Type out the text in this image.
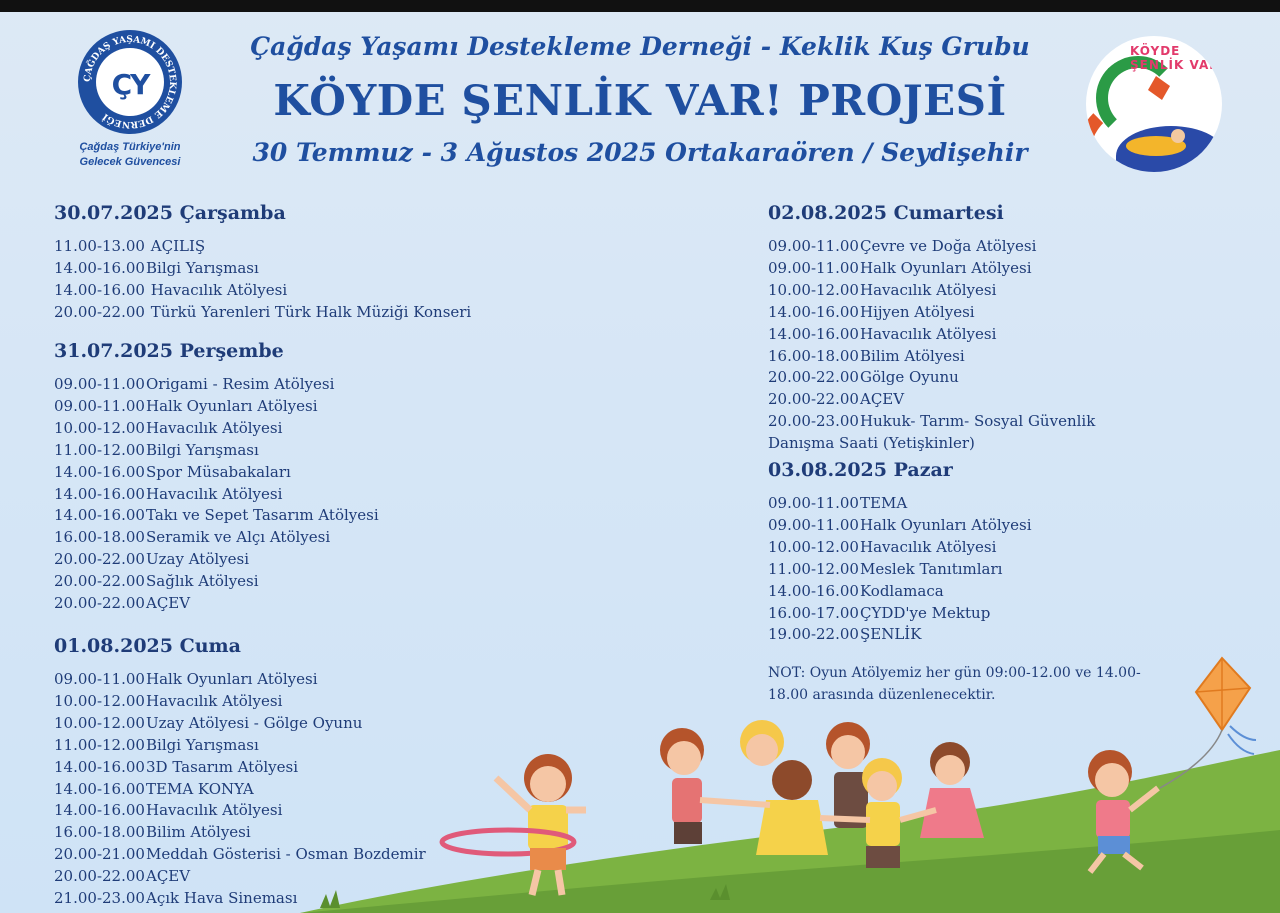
ÇAĞDAŞ YAŞAMI DESTEKLEME DERNEĞİ
ÇY
Çağdaş Türkiye'nin
Gelecek Güvencesi
Çağdaş Yaşamı Destekleme Derneği - Keklik Kuş Grubu
KÖYDE ŞENLİK VAR! PROJESİ
30 Temmuz - 3 Ağustos 2025 Ortakaraören / Seydişehir
KÖYDE ŞENLİK VAR
30.07.2025 Çarşamba
11.00-13.00 AÇILIŞ
14.00-16.00Bilgi Yarışması
14.00-16.00 Havacılık Atölyesi
20.00-22.00 Türkü Yarenleri Türk Halk Müziği Konseri
31.07.2025 Perşembe
09.00-11.00Origami - Resim Atölyesi
09.00-11.00Halk Oyunları Atölyesi
10.00-12.00Havacılık Atölyesi
11.00-12.00Bilgi Yarışması
14.00-16.00Spor Müsabakaları
14.00-16.00Havacılık Atölyesi
14.00-16.00Takı ve Sepet Tasarım Atölyesi
16.00-18.00Seramik ve Alçı Atölyesi
20.00-22.00Uzay Atölyesi
20.00-22.00Sağlık Atölyesi
20.00-22.00AÇEV
01.08.2025 Cuma
09.00-11.00Halk Oyunları Atölyesi
10.00-12.00Havacılık Atölyesi
10.00-12.00Uzay Atölyesi - Gölge Oyunu
11.00-12.00Bilgi Yarışması
14.00-16.003D Tasarım Atölyesi
14.00-16.00TEMA KONYA
14.00-16.00Havacılık Atölyesi
16.00-18.00Bilim Atölyesi
20.00-21.00Meddah Gösterisi - Osman Bozdemir
20.00-22.00AÇEV
21.00-23.00Açık Hava Sineması
02.08.2025 Cumartesi
09.00-11.00Çevre ve Doğa Atölyesi
09.00-11.00Halk Oyunları Atölyesi
10.00-12.00Havacılık Atölyesi
14.00-16.00Hijyen Atölyesi
14.00-16.00Havacılık Atölyesi
16.00-18.00Bilim Atölyesi
20.00-22.00Gölge Oyunu
20.00-22.00AÇEV
20.00-23.00Hukuk- Tarım- Sosyal Güvenlik
Danışma Saati (Yetişkinler)
03.08.2025 Pazar
09.00-11.00TEMA
09.00-11.00Halk Oyunları Atölyesi
10.00-12.00Havacılık Atölyesi
11.00-12.00Meslek Tanıtımları
14.00-16.00Kodlamaca
16.00-17.00ÇYDD'ye Mektup
19.00-22.00ŞENLİK
NOT: Oyun Atölyemiz her gün 09:00-12.00 ve 14.00-
18.00 arasında düzenlenecektir.
